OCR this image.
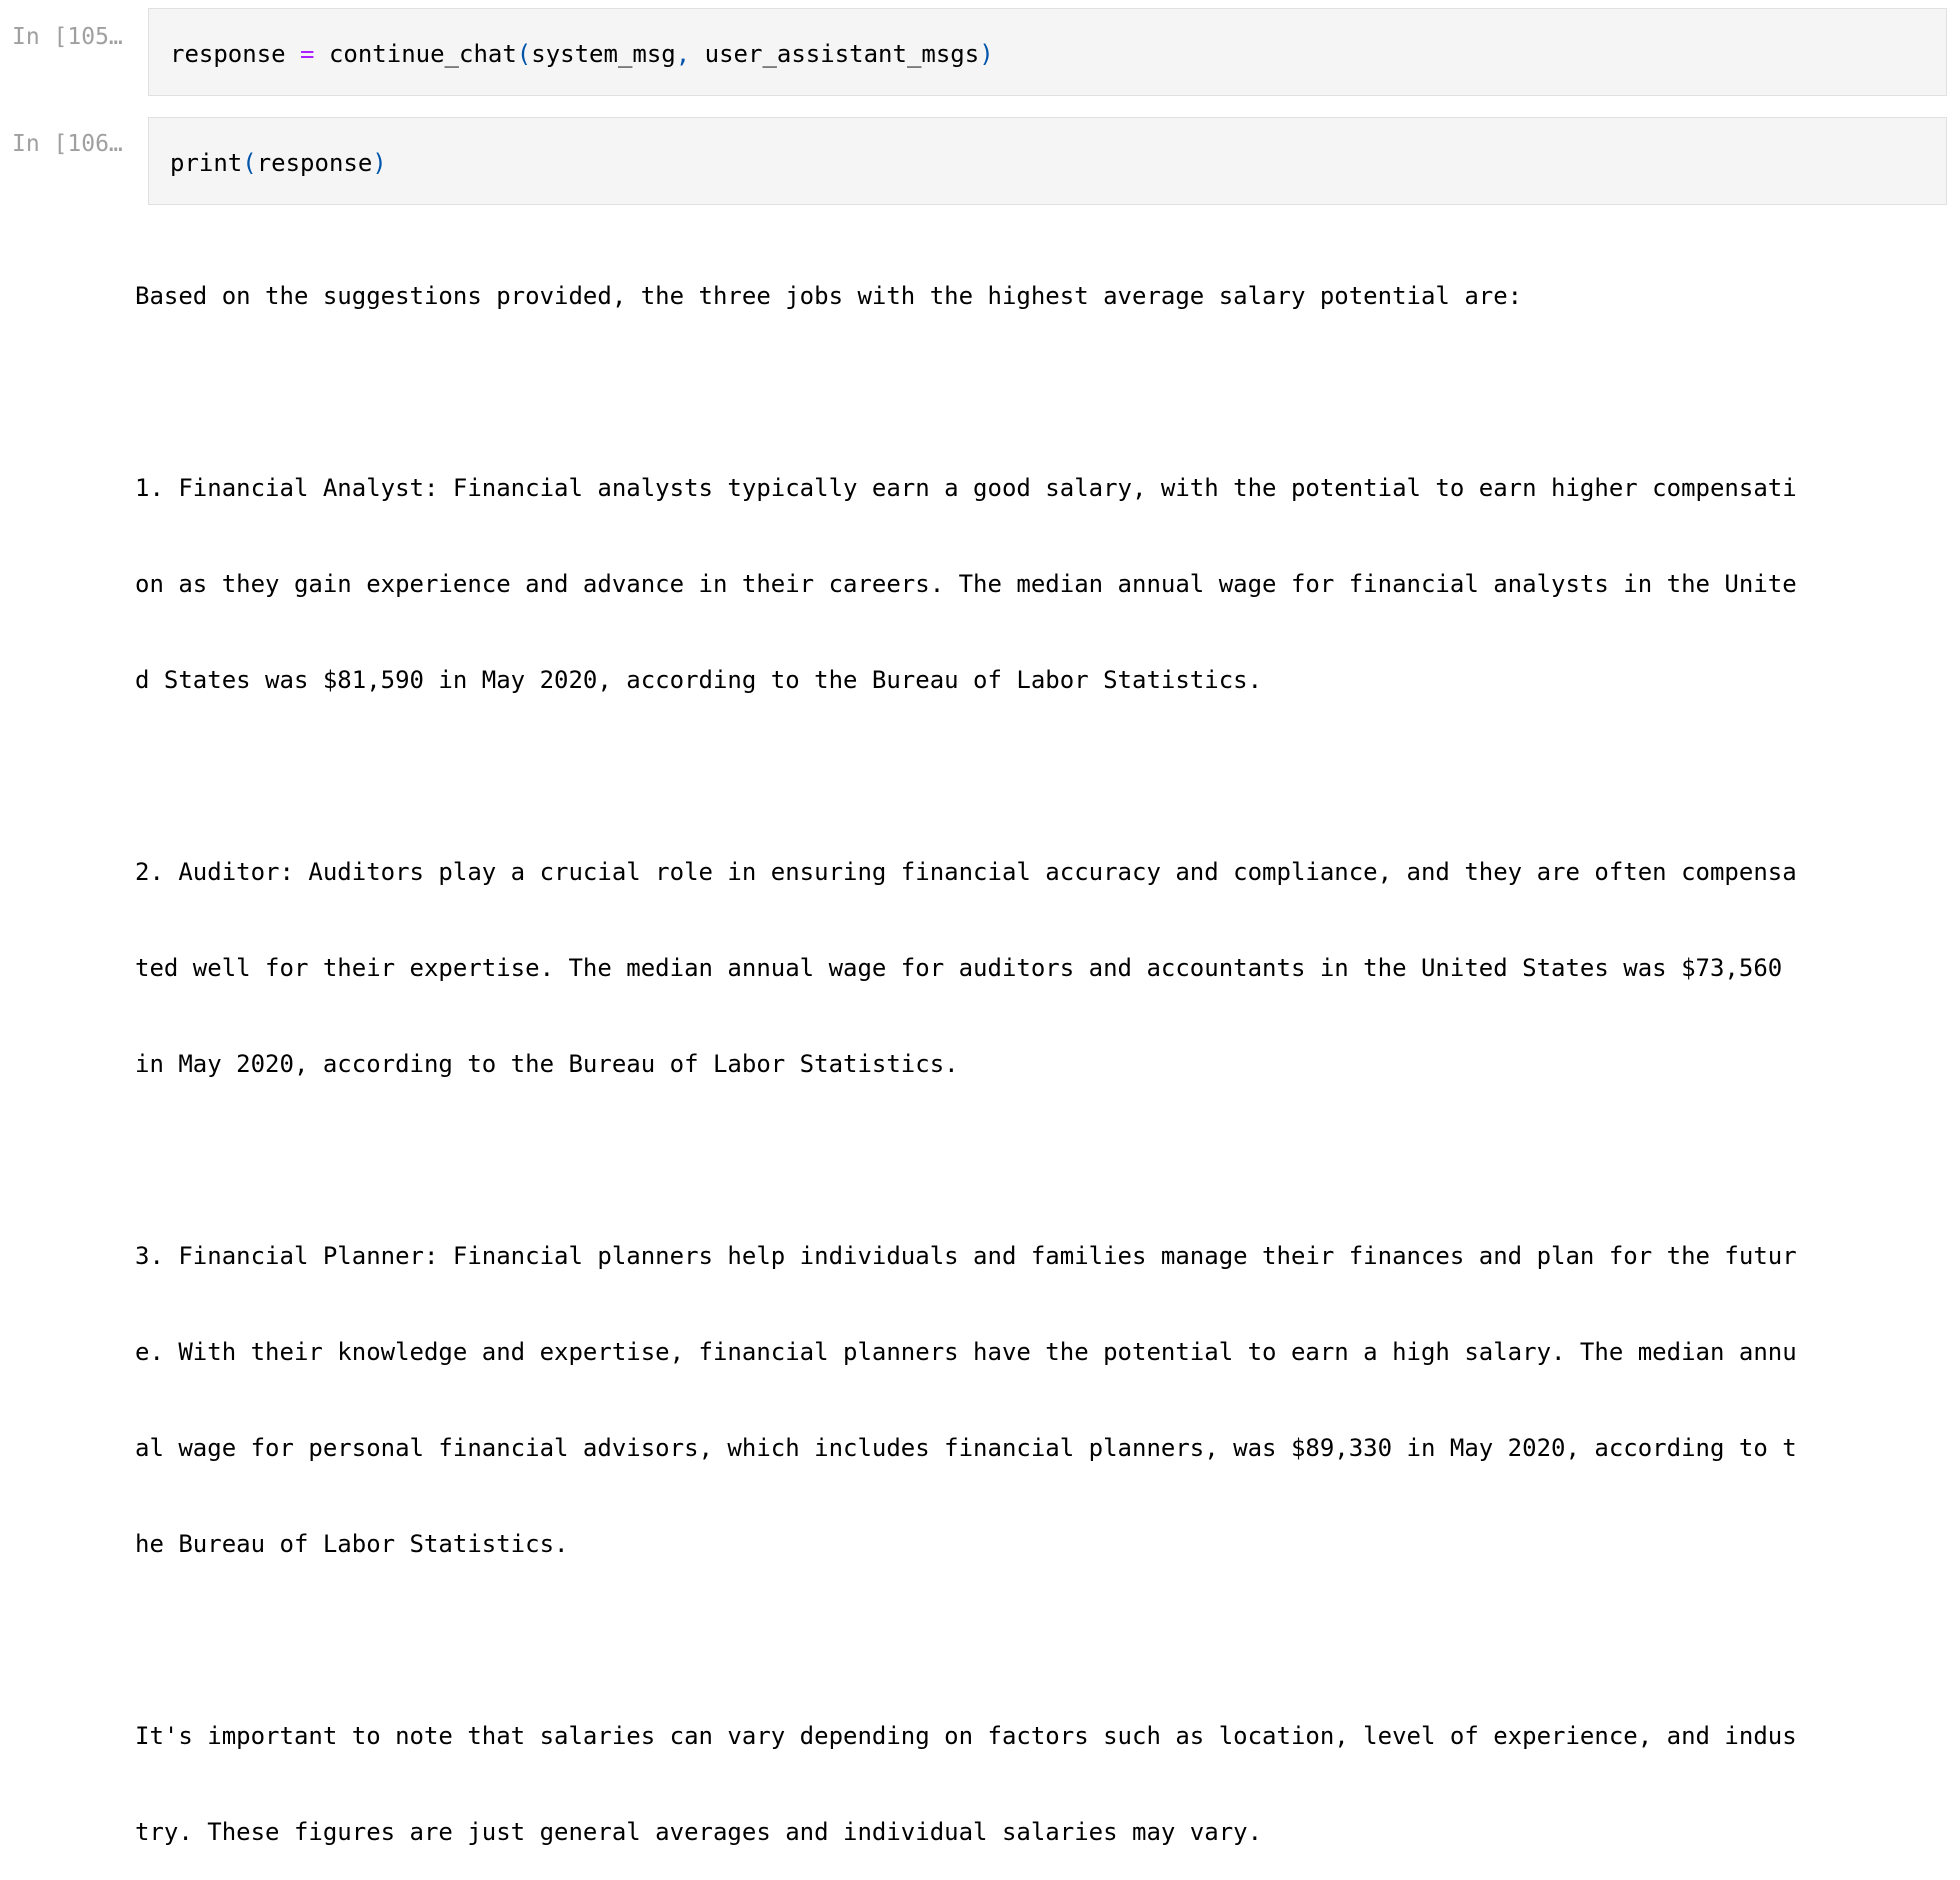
In [105…
response = continue_chat(system_msg, user_assistant_msgs)
In [106…
print(response)

Based on the suggestions provided, the three jobs with the highest average salary potential are:

1. Financial Analyst: Financial analysts typically earn a good salary, with the potential to earn higher compensati

on as they gain experience and advance in their careers. The median annual wage for financial analysts in the Unite

d States was $81,590 in May 2020, according to the Bureau of Labor Statistics.

2. Auditor: Auditors play a crucial role in ensuring financial accuracy and compliance, and they are often compensa

ted well for their expertise. The median annual wage for auditors and accountants in the United States was $73,560

in May 2020, according to the Bureau of Labor Statistics.

3. Financial Planner: Financial planners help individuals and families manage their finances and plan for the futur

e. With their knowledge and expertise, financial planners have the potential to earn a high salary. The median annu

al wage for personal financial advisors, which includes financial planners, was $89,330 in May 2020, according to t

he Bureau of Labor Statistics.

It's important to note that salaries can vary depending on factors such as location, level of experience, and indus

try. These figures are just general averages and individual salaries may vary.
